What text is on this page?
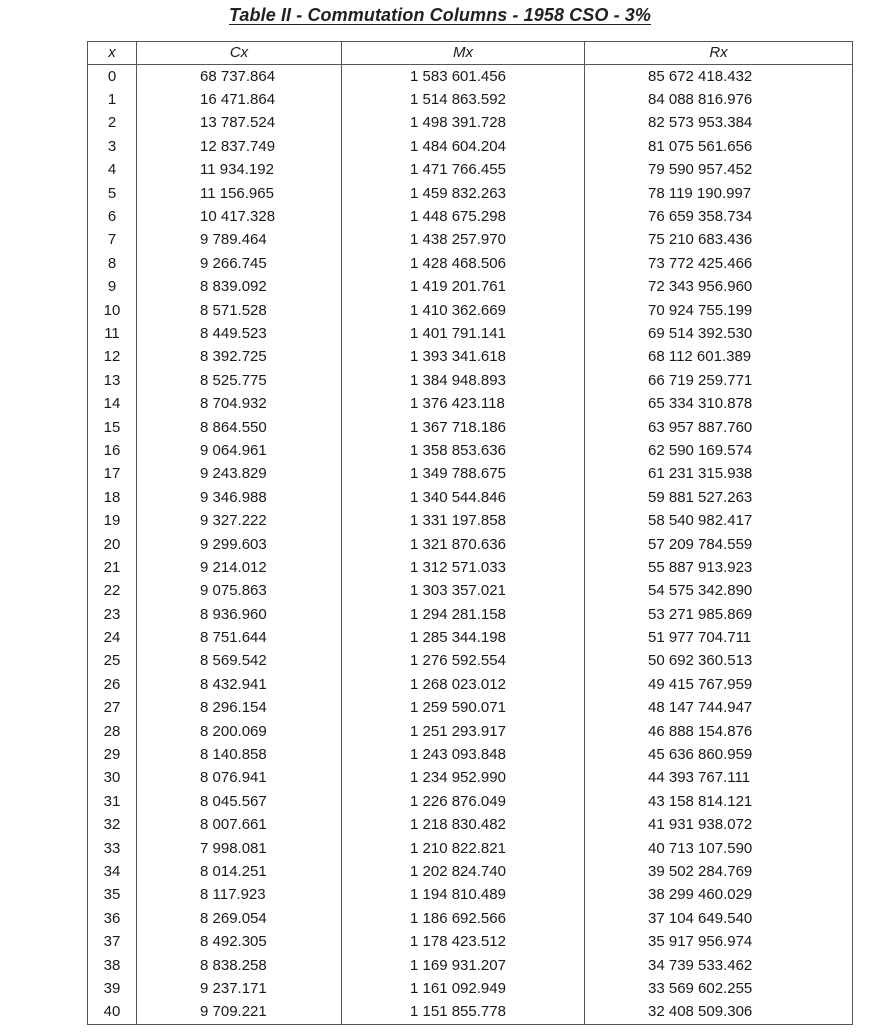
Table II - Commutation Columns - 1958 CSO - 3%
x	Cx	Mx	Rx
0	68 737.864	1 583 601.456	85 672 418.432
1	16 471.864	1 514 863.592	84 088 816.976
2	13 787.524	1 498 391.728	82 573 953.384
3	12 837.749	1 484 604.204	81 075 561.656
4	11 934.192	1 471 766.455	79 590 957.452
5	11 156.965	1 459 832.263	78 119 190.997
6	10 417.328	1 448 675.298	76 659 358.734
7	9 789.464	1 438 257.970	75 210 683.436
8	9 266.745	1 428 468.506	73 772 425.466
9	8 839.092	1 419 201.761	72 343 956.960
10	8 571.528	1 410 362.669	70 924 755.199
11	8 449.523	1 401 791.141	69 514 392.530
12	8 392.725	1 393 341.618	68 112 601.389
13	8 525.775	1 384 948.893	66 719 259.771
14	8 704.932	1 376 423.118	65 334 310.878
15	8 864.550	1 367 718.186	63 957 887.760
16	9 064.961	1 358 853.636	62 590 169.574
17	9 243.829	1 349 788.675	61 231 315.938
18	9 346.988	1 340 544.846	59 881 527.263
19	9 327.222	1 331 197.858	58 540 982.417
20	9 299.603	1 321 870.636	57 209 784.559
21	9 214.012	1 312 571.033	55 887 913.923
22	9 075.863	1 303 357.021	54 575 342.890
23	8 936.960	1 294 281.158	53 271 985.869
24	8 751.644	1 285 344.198	51 977 704.711
25	8 569.542	1 276 592.554	50 692 360.513
26	8 432.941	1 268 023.012	49 415 767.959
27	8 296.154	1 259 590.071	48 147 744.947
28	8 200.069	1 251 293.917	46 888 154.876
29	8 140.858	1 243 093.848	45 636 860.959
30	8 076.941	1 234 952.990	44 393 767.111
31	8 045.567	1 226 876.049	43 158 814.121
32	8 007.661	1 218 830.482	41 931 938.072
33	7 998.081	1 210 822.821	40 713 107.590
34	8 014.251	1 202 824.740	39 502 284.769
35	8 117.923	1 194 810.489	38 299 460.029
36	8 269.054	1 186 692.566	37 104 649.540
37	8 492.305	1 178 423.512	35 917 956.974
38	8 838.258	1 169 931.207	34 739 533.462
39	9 237.171	1 161 092.949	33 569 602.255
40	9 709.221	1 151 855.778	32 408 509.306
